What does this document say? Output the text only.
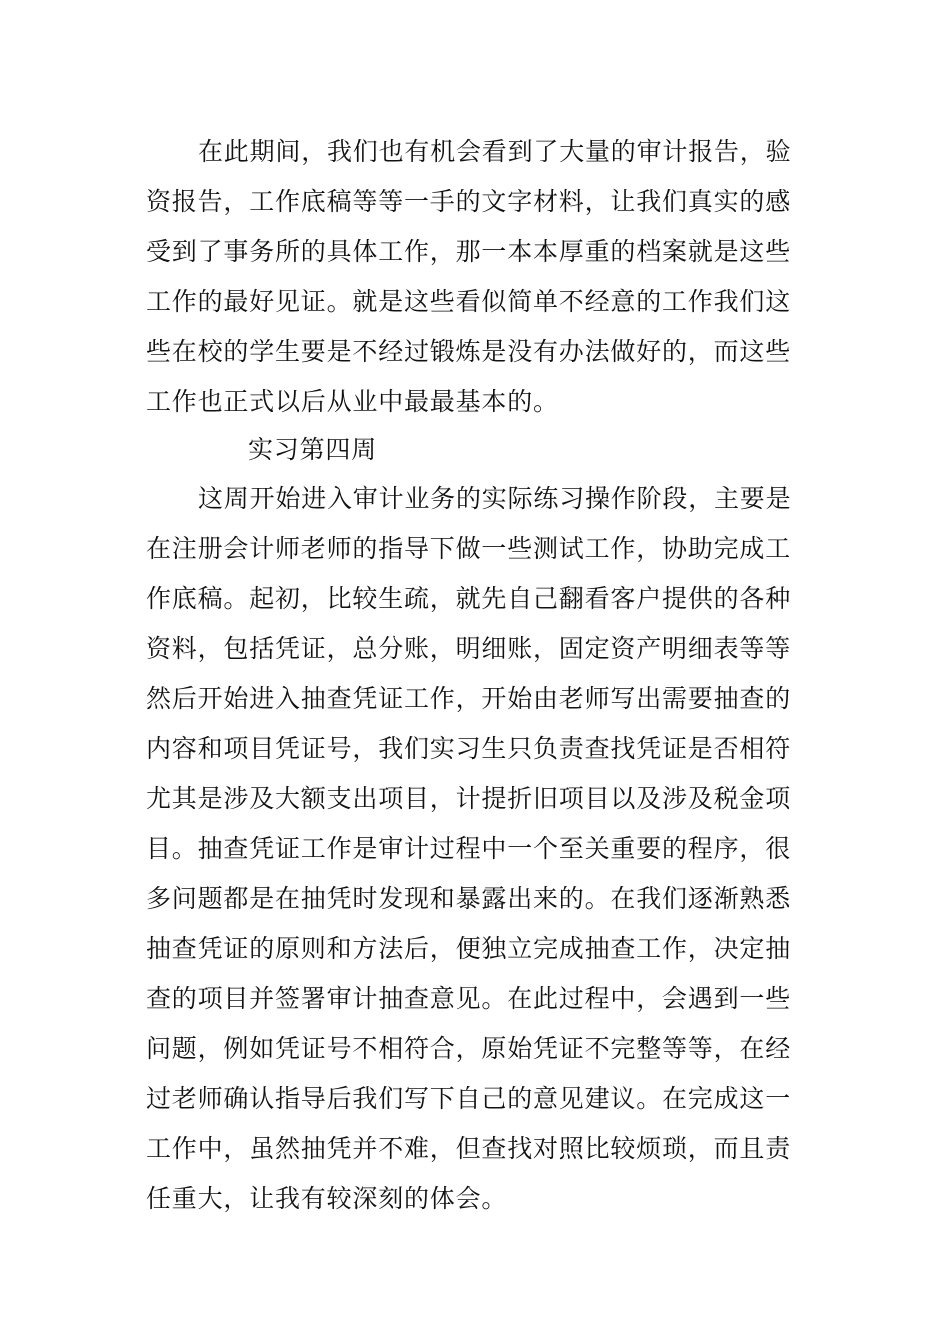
在此期间，我们也有机会看到了大量的审计报告，验
资报告，工作底稿等等一手的文字材料，让我们真实的感
受到了事务所的具体工作，那一本本厚重的档案就是这些
工作的最好见证。就是这些看似简单不经意的工作我们这
些在校的学生要是不经过锻炼是没有办法做好的，而这些
工作也正式以后从业中最最基本的。
实习第四周
这周开始进入审计业务的实际练习操作阶段，主要是
在注册会计师老师的指导下做一些测试工作，协助完成工
作底稿。起初，比较生疏，就先自己翻看客户提供的各种
资料，包括凭证，总分账，明细账，固定资产明细表等等
然后开始进入抽查凭证工作，开始由老师写出需要抽查的
内容和项目凭证号，我们实习生只负责查找凭证是否相符
尤其是涉及大额支出项目，计提折旧项目以及涉及税金项
目。抽查凭证工作是审计过程中一个至关重要的程序，很
多问题都是在抽凭时发现和暴露出来的。在我们逐渐熟悉
抽查凭证的原则和方法后，便独立完成抽查工作，决定抽
查的项目并签署审计抽查意见。在此过程中，会遇到一些
问题，例如凭证号不相符合，原始凭证不完整等等，在经
过老师确认指导后我们写下自己的意见建议。在完成这一
工作中，虽然抽凭并不难，但查找对照比较烦琐，而且责
任重大，让我有较深刻的体会。
